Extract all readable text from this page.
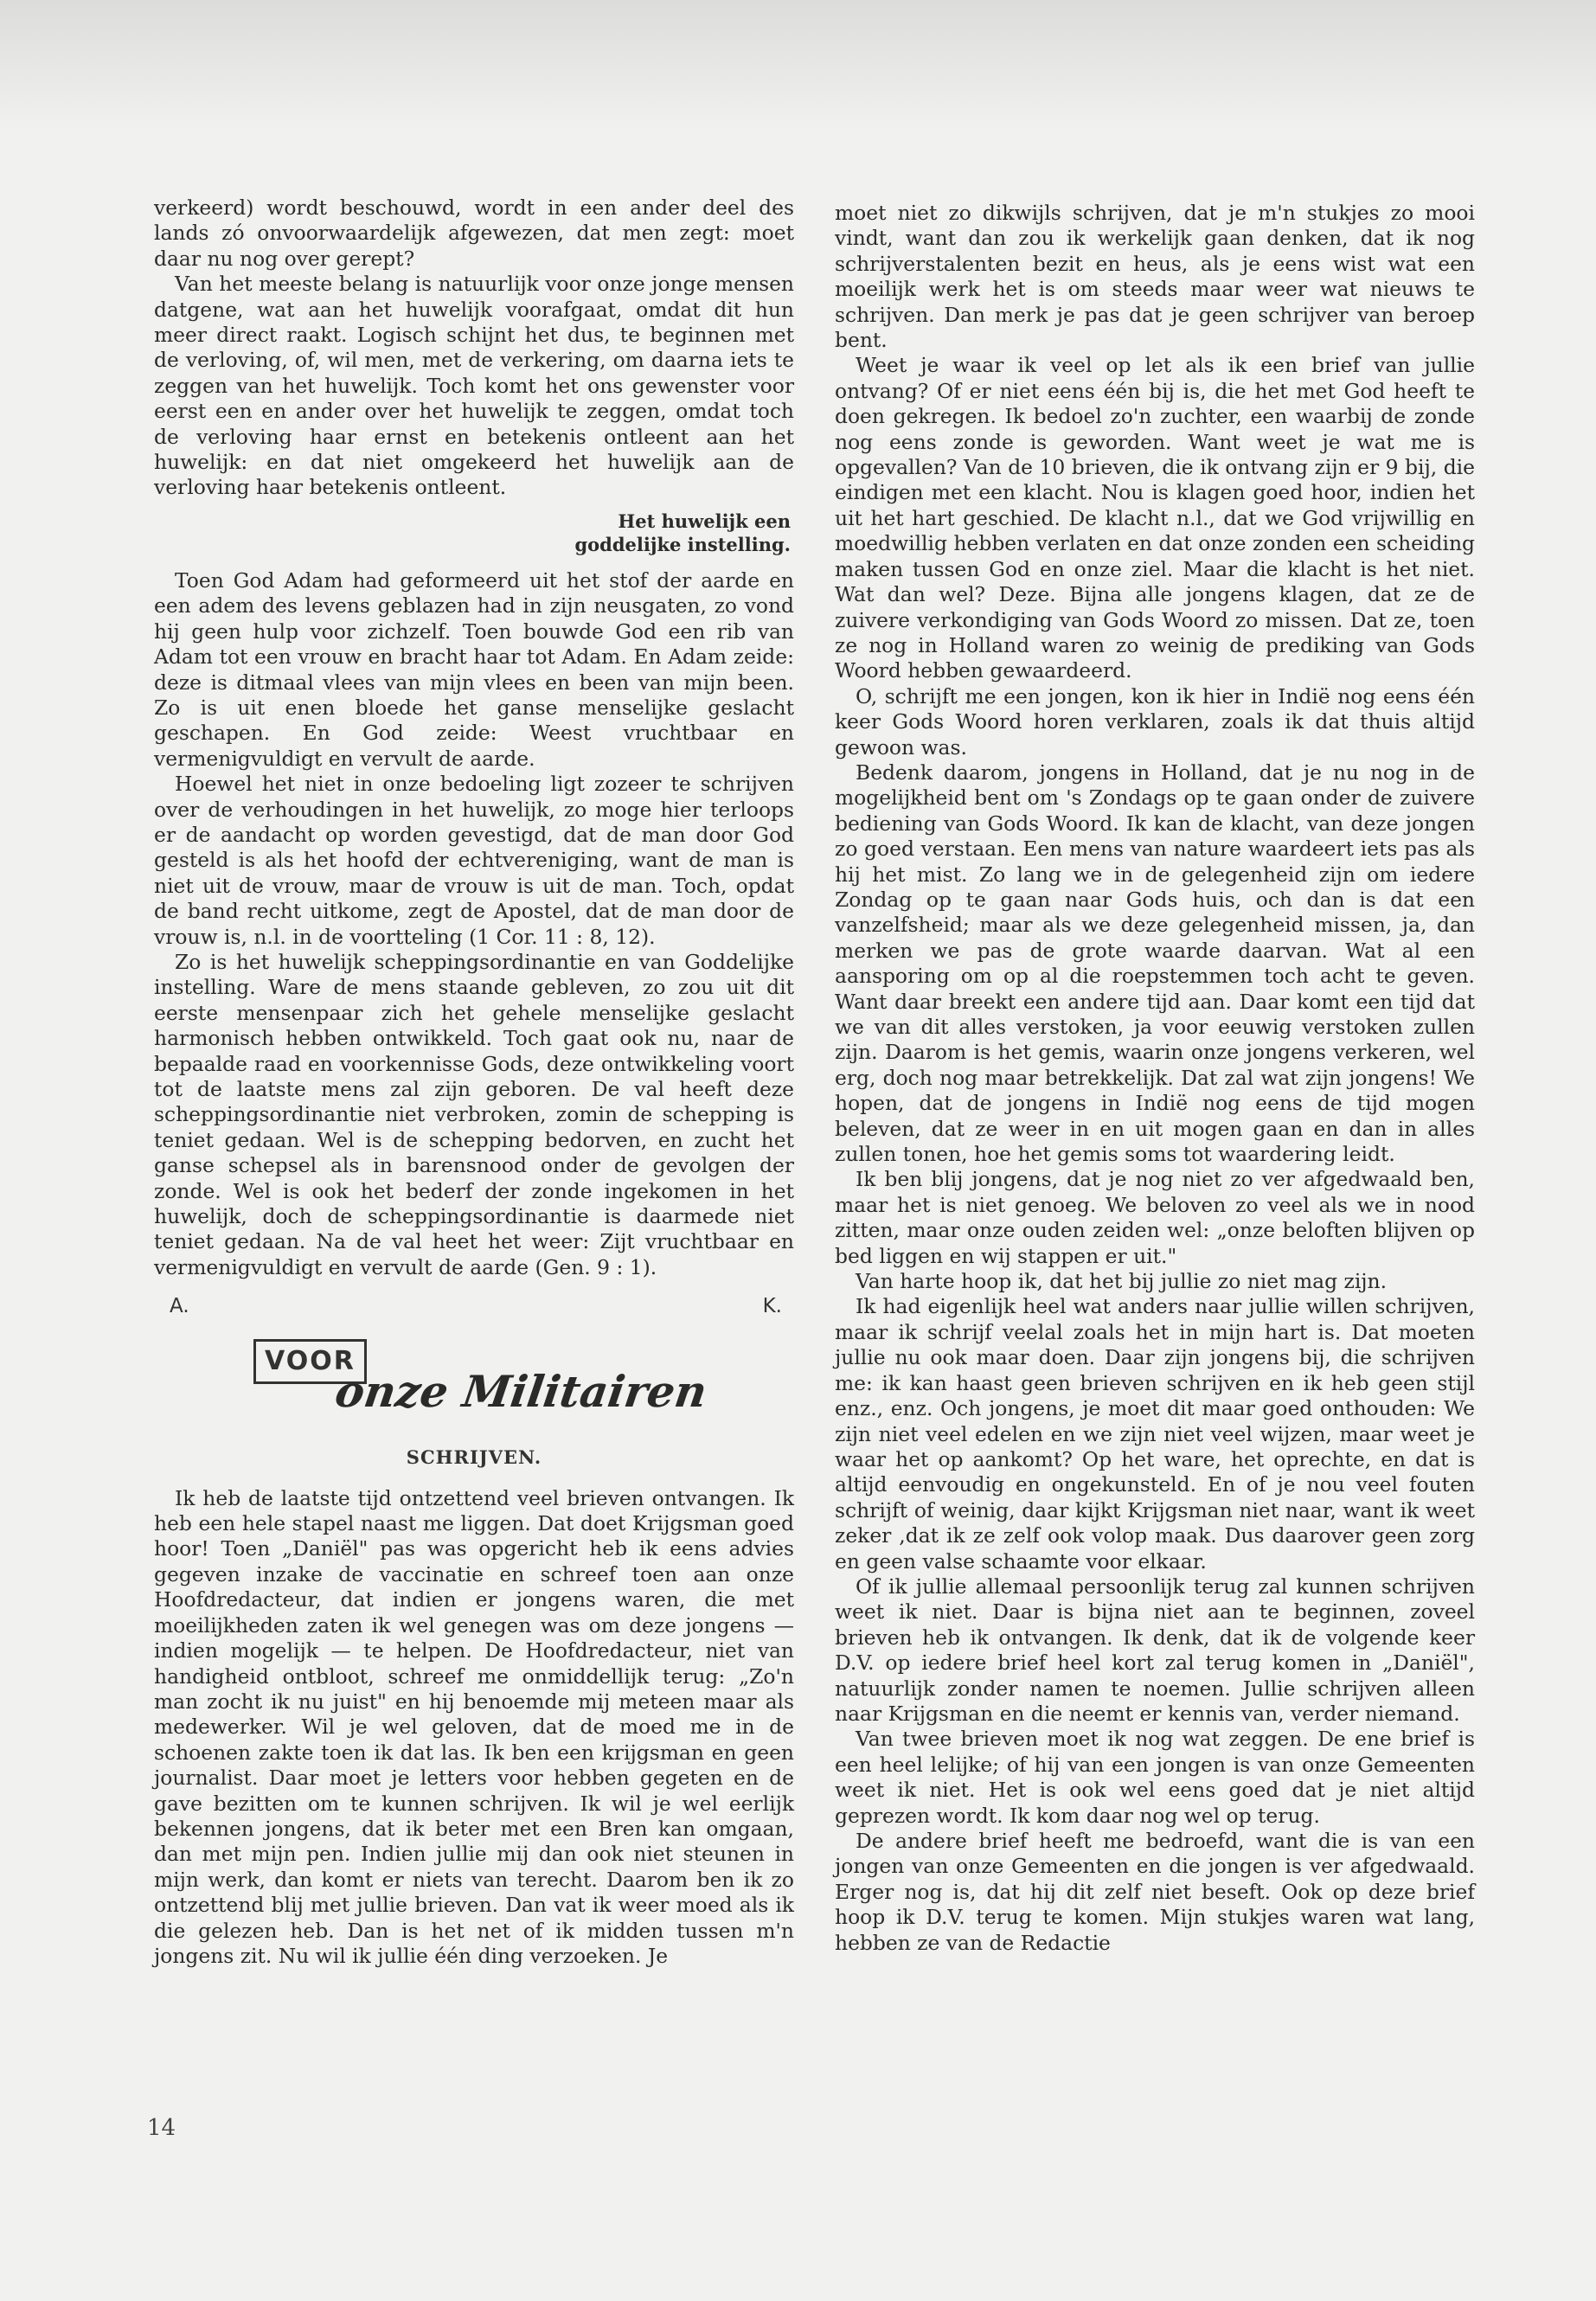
verkeerd) wordt beschouwd, wordt in een ander deel des lands zó onvoorwaardelijk afgewezen, dat men zegt: moet daar nu nog over gerept?

Van het meeste belang is natuurlijk voor onze jonge mensen datgene, wat aan het huwelijk voorafgaat, omdat dit hun meer direct raakt. Logisch schijnt het dus, te beginnen met de verloving, of, wil men, met de verkering, om daarna iets te zeggen van het huwelijk. Toch komt het ons gewenster voor eerst een en ander over het huwelijk te zeggen, omdat toch de verloving haar ernst en betekenis ontleent aan het huwelijk: en dat niet omgekeerd het huwelijk aan de verloving haar betekenis ontleent.

Het huwelijk een goddelijke instelling.

Toen God Adam had geformeerd uit het stof der aarde en een adem des levens geblazen had in zijn neusgaten, zo vond hij geen hulp voor zichzelf. Toen bouwde God een rib van Adam tot een vrouw en bracht haar tot Adam. En Adam zeide: deze is ditmaal vlees van mijn vlees en been van mijn been. Zo is uit enen bloede het ganse menselijke geslacht geschapen. En God zeide: Weest vruchtbaar en vermenigvuldigt en vervult de aarde.

Hoewel het niet in onze bedoeling ligt zozeer te schrijven over de verhoudingen in het huwelijk, zo moge hier terloops er de aandacht op worden gevestigd, dat de man door God gesteld is als het hoofd der echtvereniging, want de man is niet uit de vrouw, maar de vrouw is uit de man. Toch, opdat de band recht uitkome, zegt de Apostel, dat de man door de vrouw is, n.l. in de voortteling (1 Cor. 11 : 8, 12).

Zo is het huwelijk scheppingsordinantie en van Goddelijke instelling. Ware de mens staande gebleven, zo zou uit dit eerste mensenpaar zich het gehele menselijke geslacht harmonisch hebben ontwikkeld. Toch gaat ook nu, naar de bepaalde raad en voorkennisse Gods, deze ontwikkeling voort tot de laatste mens zal zijn geboren. De val heeft deze scheppingsordinantie niet verbroken, zomin de schepping is teniet gedaan. Wel is de schepping bedorven, en zucht het ganse schepsel als in barensnood onder de gevolgen der zonde. Wel is ook het bederf der zonde ingekomen in het huwelijk, doch de scheppingsordinantie is daarmede niet teniet gedaan. Na de val heet het weer: Zijt vruchtbaar en vermenigvuldigt en vervult de aarde (Gen. 9 : 1).

A.	K.
VOOR
onze Militairen
SCHRIJVEN.

Ik heb de laatste tijd ontzettend veel brieven ontvangen. Ik heb een hele stapel naast me liggen. Dat doet Krijgsman goed hoor! Toen „Daniël" pas was opgericht heb ik eens advies gegeven inzake de vaccinatie en schreef toen aan onze Hoofdredacteur, dat indien er jongens waren, die met moeilijkheden zaten ik wel genegen was om deze jongens — indien mogelijk — te helpen. De Hoofdredacteur, niet van handigheid ontbloot, schreef me onmiddellijk terug: „Zo'n man zocht ik nu juist" en hij benoemde mij meteen maar als medewerker. Wil je wel geloven, dat de moed me in de schoenen zakte toen ik dat las. Ik ben een krijgsman en geen journalist. Daar moet je letters voor hebben gegeten en de gave bezitten om te kunnen schrijven. Ik wil je wel eerlijk bekennen jongens, dat ik beter met een Bren kan omgaan, dan met mijn pen. Indien jullie mij dan ook niet steunen in mijn werk, dan komt er niets van terecht. Daarom ben ik zo ontzettend blij met jullie brieven. Dan vat ik weer moed als ik die gelezen heb. Dan is het net of ik midden tussen m'n jongens zit. Nu wil ik jullie één ding verzoeken. Je

moet niet zo dikwijls schrijven, dat je m'n stukjes zo mooi vindt, want dan zou ik werkelijk gaan denken, dat ik nog schrijverstalenten bezit en heus, als je eens wist wat een moeilijk werk het is om steeds maar weer wat nieuws te schrijven. Dan merk je pas dat je geen schrijver van beroep bent.

Weet je waar ik veel op let als ik een brief van jullie ontvang? Of er niet eens één bij is, die het met God heeft te doen gekregen. Ik bedoel zo'n zuchter, een waarbij de zonde nog eens zonde is geworden. Want weet je wat me is opgevallen? Van de 10 brieven, die ik ontvang zijn er 9 bij, die eindigen met een klacht. Nou is klagen goed hoor, indien het uit het hart geschied. De klacht n.l., dat we God vrijwillig en moedwillig hebben verlaten en dat onze zonden een scheiding maken tussen God en onze ziel. Maar die klacht is het niet. Wat dan wel? Deze. Bijna alle jongens klagen, dat ze de zuivere verkondiging van Gods Woord zo missen. Dat ze, toen ze nog in Holland waren zo weinig de prediking van Gods Woord hebben gewaardeerd.

O, schrijft me een jongen, kon ik hier in Indië nog eens één keer Gods Woord horen verklaren, zoals ik dat thuis altijd gewoon was.

Bedenk daarom, jongens in Holland, dat je nu nog in de mogelijkheid bent om 's Zondags op te gaan onder de zuivere bediening van Gods Woord. Ik kan de klacht, van deze jongen zo goed verstaan. Een mens van nature waardeert iets pas als hij het mist. Zo lang we in de gelegenheid zijn om iedere Zondag op te gaan naar Gods huis, och dan is dat een vanzelfsheid; maar als we deze gelegenheid missen, ja, dan merken we pas de grote waarde daarvan. Wat al een aansporing om op al die roepstemmen toch acht te geven. Want daar breekt een andere tijd aan. Daar komt een tijd dat we van dit alles verstoken, ja voor eeuwig verstoken zullen zijn. Daarom is het gemis, waarin onze jongens verkeren, wel erg, doch nog maar betrekkelijk. Dat zal wat zijn jongens! We hopen, dat de jongens in Indië nog eens de tijd mogen beleven, dat ze weer in en uit mogen gaan en dan in alles zullen tonen, hoe het gemis soms tot waardering leidt.

Ik ben blij jongens, dat je nog niet zo ver afgedwaald ben, maar het is niet genoeg. We beloven zo veel als we in nood zitten, maar onze ouden zeiden wel: „onze beloften blijven op bed liggen en wij stappen er uit."

Van harte hoop ik, dat het bij jullie zo niet mag zijn.

Ik had eigenlijk heel wat anders naar jullie willen schrijven, maar ik schrijf veelal zoals het in mijn hart is. Dat moeten jullie nu ook maar doen. Daar zijn jongens bij, die schrijven me: ik kan haast geen brieven schrijven en ik heb geen stijl enz., enz. Och jongens, je moet dit maar goed onthouden: We zijn niet veel edelen en we zijn niet veel wijzen, maar weet je waar het op aankomt? Op het ware, het oprechte, en dat is altijd eenvoudig en ongekunsteld. En of je nou veel fouten schrijft of weinig, daar kijkt Krijgsman niet naar, want ik weet zeker ,dat ik ze zelf ook volop maak. Dus daarover geen zorg en geen valse schaamte voor elkaar.

Of ik jullie allemaal persoonlijk terug zal kunnen schrijven weet ik niet. Daar is bijna niet aan te beginnen, zoveel brieven heb ik ontvangen. Ik denk, dat ik de volgende keer D.V. op iedere brief heel kort zal terug komen in „Daniël", natuurlijk zonder namen te noemen. Jullie schrijven alleen naar Krijgsman en die neemt er kennis van, verder niemand.

Van twee brieven moet ik nog wat zeggen. De ene brief is een heel lelijke; of hij van een jongen is van onze Gemeenten weet ik niet. Het is ook wel eens goed dat je niet altijd geprezen wordt. Ik kom daar nog wel op terug.

De andere brief heeft me bedroefd, want die is van een jongen van onze Gemeenten en die jongen is ver afgedwaald. Erger nog is, dat hij dit zelf niet beseft. Ook op deze brief hoop ik D.V. terug te komen. Mijn stukjes waren wat lang, hebben ze van de Redactie

14
